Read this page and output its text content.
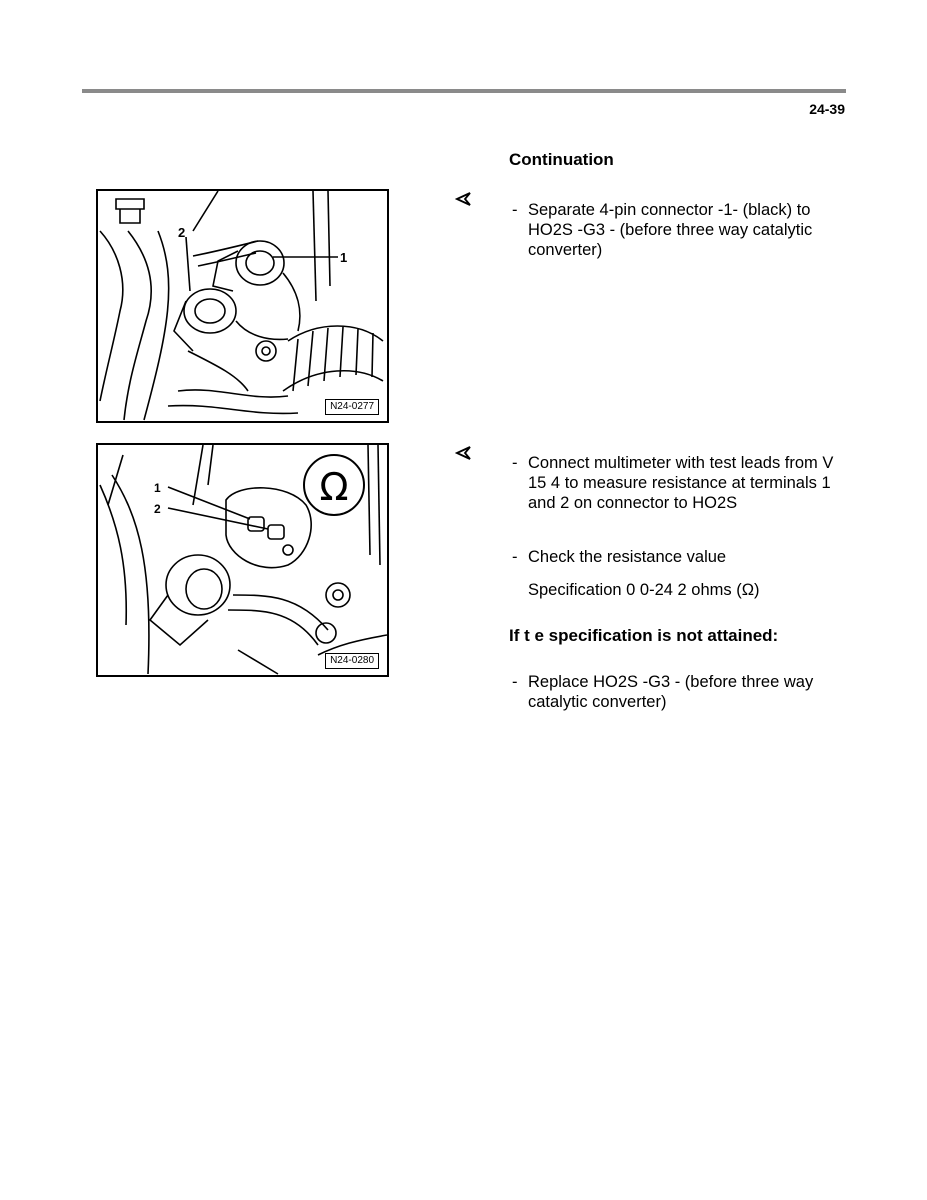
24-39
Continuation
2
1
N24-0277
- Separate 4-pin connector -1- (black) to HO2S -G3 - (before three way catalytic converter)
1
2	Ω
N24-0280
- Connect multimeter with test leads from V 15 4 to measure resistance at terminals 1 and 2 on connector to HO2S
- Check the resistance value
Specification 0 0-24 2 ohms (Ω)
If t e specification is not attained:
- Replace HO2S -G3 - (before three way catalytic converter)
